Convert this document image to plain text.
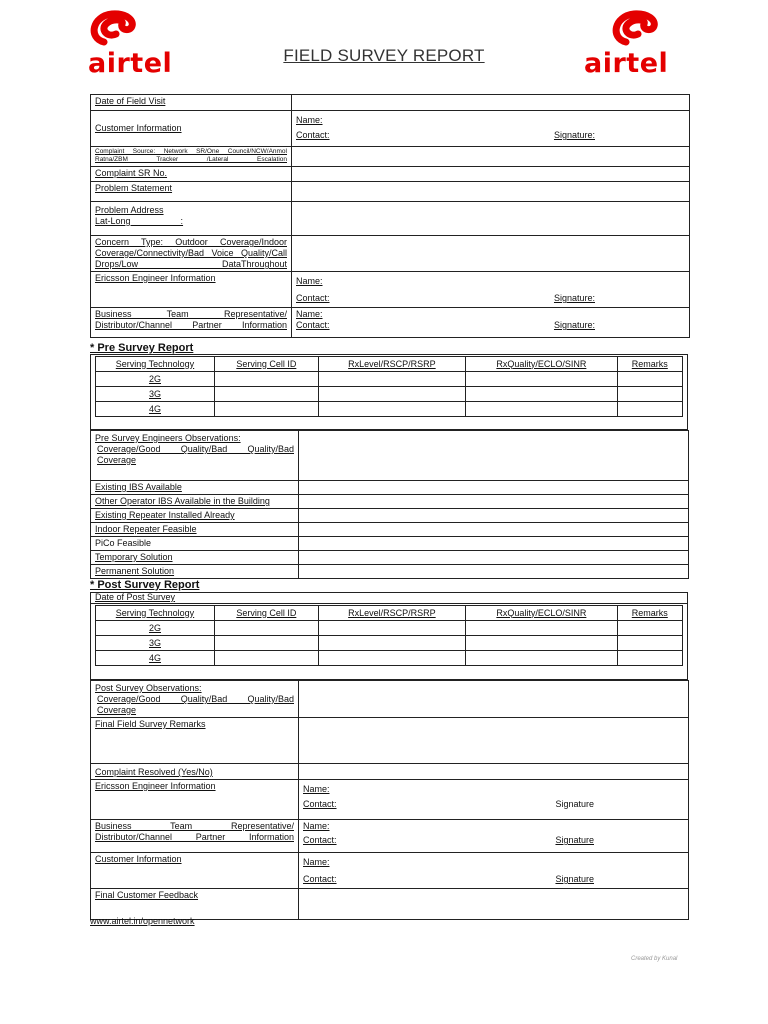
airtel	airtel
FIELD SURVEY REPORT
Date of Field Visit	
Customer Information	Name:
Contact: Signature:

Complaint Source: Network SR/One Council/NCW/Anmol Ratna/ZBM Tracker /Lateral Escalation	
Complaint SR No.	
Problem Statement	

Problem Address
Lat-Long                    :	

Concern Type: Outdoor Coverage/Indoor Coverage/Connectivity/Bad Voice Quality/Call Drops/Low DataThroughout	
Ericsson Engineer Information	Name:
Contact: Signature:

Business Team Representative/ Distributor/Channel Partner Information	Name:
Contact: Signature:
* Pre Survey Report
Serving Technology	Serving Cell ID	RxLevel/RSCP/RSRP	RxQuality/ECLO/SINR	Remarks
2G				
3G				
4G				
Pre Survey Engineers Observations:
Coverage/Good Quality/Bad Quality/Bad Coverage	

Existing IBS Available	
Other Operator IBS Available in the Building	
Existing Repeater Installed Already	
Indoor Repeater Feasible	
PiCo Feasible	
Temporary Solution	
Permanent Solution	
* Post Survey Report
Date of Post Survey
Serving Technology	Serving Cell ID	RxLevel/RSCP/RSRP	RxQuality/ECLO/SINR	Remarks
2G				
3G				
4G				
Post Survey Observations:
Coverage/Good Quality/Bad Quality/Bad Coverage	

Final Field Survey Remarks	
Complaint Resolved (Yes/No)	
Ericsson Engineer Information	Name:
Contact: Signature

Business Team Representative/ Distributor/Channel Partner Information	Name:
Contact: Signature

Customer Information	Name:
Contact: Signature

Final Customer Feedback	
www.airtel.in/opennetwork
Created by Kunal
